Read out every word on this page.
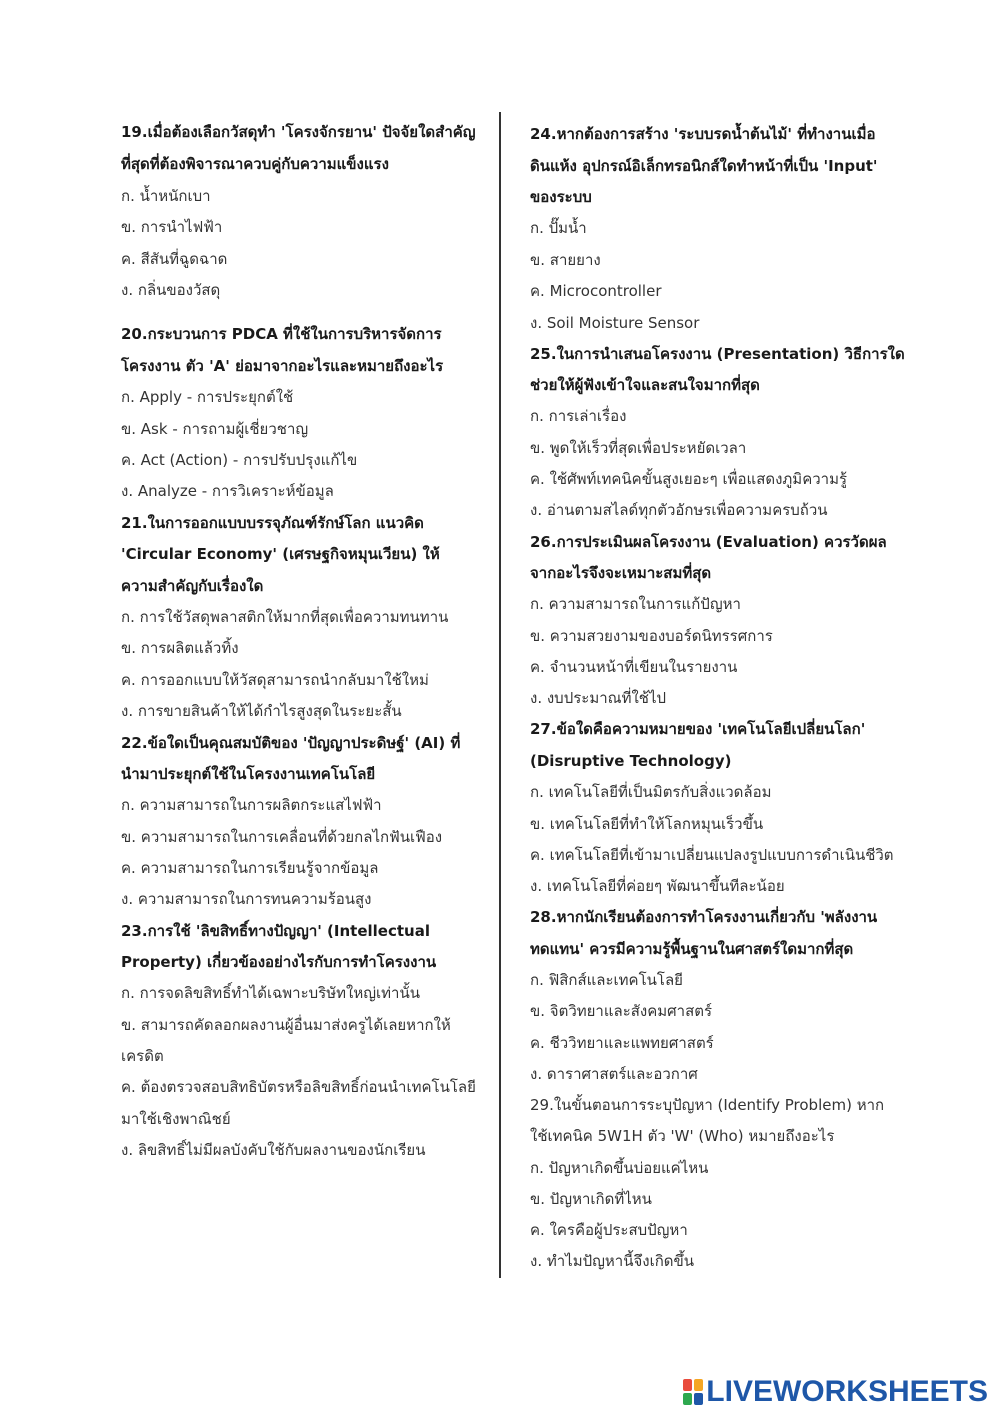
19.เมื่อต้องเลือกวัสดุทำ 'โครงจักรยาน' ปัจจัยใดสำคัญ
ที่สุดที่ต้องพิจารณาควบคู่กับความแข็งแรง
ก. น้ำหนักเบา
ข. การนำไฟฟ้า
ค. สีสันที่ฉูดฉาด
ง. กลิ่นของวัสดุ
20.กระบวนการ PDCA ที่ใช้ในการบริหารจัดการ
โครงงาน ตัว 'A' ย่อมาจากอะไรและหมายถึงอะไร
ก. Apply - การประยุกต์ใช้
ข. Ask - การถามผู้เชี่ยวชาญ
ค. Act (Action) - การปรับปรุงแก้ไข
ง. Analyze - การวิเคราะห์ข้อมูล
21.ในการออกแบบบรรจุภัณฑ์รักษ์โลก แนวคิด
'Circular Economy' (เศรษฐกิจหมุนเวียน) ให้
ความสำคัญกับเรื่องใด
ก. การใช้วัสดุพลาสติกให้มากที่สุดเพื่อความทนทาน
ข. การผลิตแล้วทิ้ง
ค. การออกแบบให้วัสดุสามารถนำกลับมาใช้ใหม่
ง. การขายสินค้าให้ได้กำไรสูงสุดในระยะสั้น
22.ข้อใดเป็นคุณสมบัติของ 'ปัญญาประดิษฐ์' (AI) ที่
นำมาประยุกต์ใช้ในโครงงานเทคโนโลยี
ก. ความสามารถในการผลิตกระแสไฟฟ้า
ข. ความสามารถในการเคลื่อนที่ด้วยกลไกฟันเฟือง
ค. ความสามารถในการเรียนรู้จากข้อมูล
ง. ความสามารถในการทนความร้อนสูง
23.การใช้ 'ลิขสิทธิ์ทางปัญญา' (Intellectual
Property) เกี่ยวข้องอย่างไรกับการทำโครงงาน
ก. การจดลิขสิทธิ์ทำได้เฉพาะบริษัทใหญ่เท่านั้น
ข. สามารถคัดลอกผลงานผู้อื่นมาส่งครูได้เลยหากให้
เครดิต
ค. ต้องตรวจสอบสิทธิบัตรหรือลิขสิทธิ์ก่อนนำเทคโนโลยี
มาใช้เชิงพาณิชย์
ง. ลิขสิทธิ์ไม่มีผลบังคับใช้กับผลงานของนักเรียน
24.หากต้องการสร้าง 'ระบบรดน้ำต้นไม้' ที่ทำงานเมื่อ
ดินแห้ง อุปกรณ์อิเล็กทรอนิกส์ใดทำหน้าที่เป็น 'Input'
ของระบบ
ก. ปั๊มน้ำ
ข. สายยาง
ค. Microcontroller
ง. Soil Moisture Sensor
25.ในการนำเสนอโครงงาน (Presentation) วิธีการใด
ช่วยให้ผู้ฟังเข้าใจและสนใจมากที่สุด
ก. การเล่าเรื่อง
ข. พูดให้เร็วที่สุดเพื่อประหยัดเวลา
ค. ใช้ศัพท์เทคนิคขั้นสูงเยอะๆ เพื่อแสดงภูมิความรู้
ง. อ่านตามสไลด์ทุกตัวอักษรเพื่อความครบถ้วน
26.การประเมินผลโครงงาน (Evaluation) ควรวัดผล
จากอะไรจึงจะเหมาะสมที่สุด
ก. ความสามารถในการแก้ปัญหา
ข. ความสวยงามของบอร์ดนิทรรศการ
ค. จำนวนหน้าที่เขียนในรายงาน
ง. งบประมาณที่ใช้ไป
27.ข้อใดคือความหมายของ 'เทคโนโลยีเปลี่ยนโลก'
(Disruptive Technology)
ก. เทคโนโลยีที่เป็นมิตรกับสิ่งแวดล้อม
ข. เทคโนโลยีที่ทำให้โลกหมุนเร็วขึ้น
ค. เทคโนโลยีที่เข้ามาเปลี่ยนแปลงรูปแบบการดำเนินชีวิต
ง. เทคโนโลยีที่ค่อยๆ พัฒนาขึ้นทีละน้อย
28.หากนักเรียนต้องการทำโครงงานเกี่ยวกับ 'พลังงาน
ทดแทน' ควรมีความรู้พื้นฐานในศาสตร์ใดมากที่สุด
ก. ฟิสิกส์และเทคโนโลยี
ข. จิตวิทยาและสังคมศาสตร์
ค. ชีววิทยาและแพทยศาสตร์
ง. ดาราศาสตร์และอวกาศ
29.ในขั้นตอนการระบุปัญหา (Identify Problem) หาก
ใช้เทคนิค 5W1H ตัว 'W' (Who) หมายถึงอะไร
ก. ปัญหาเกิดขึ้นบ่อยแค่ไหน
ข. ปัญหาเกิดที่ไหน
ค. ใครคือผู้ประสบปัญหา
ง. ทำไมปัญหานี้จึงเกิดขึ้น
LIVEWORKSHEETS
